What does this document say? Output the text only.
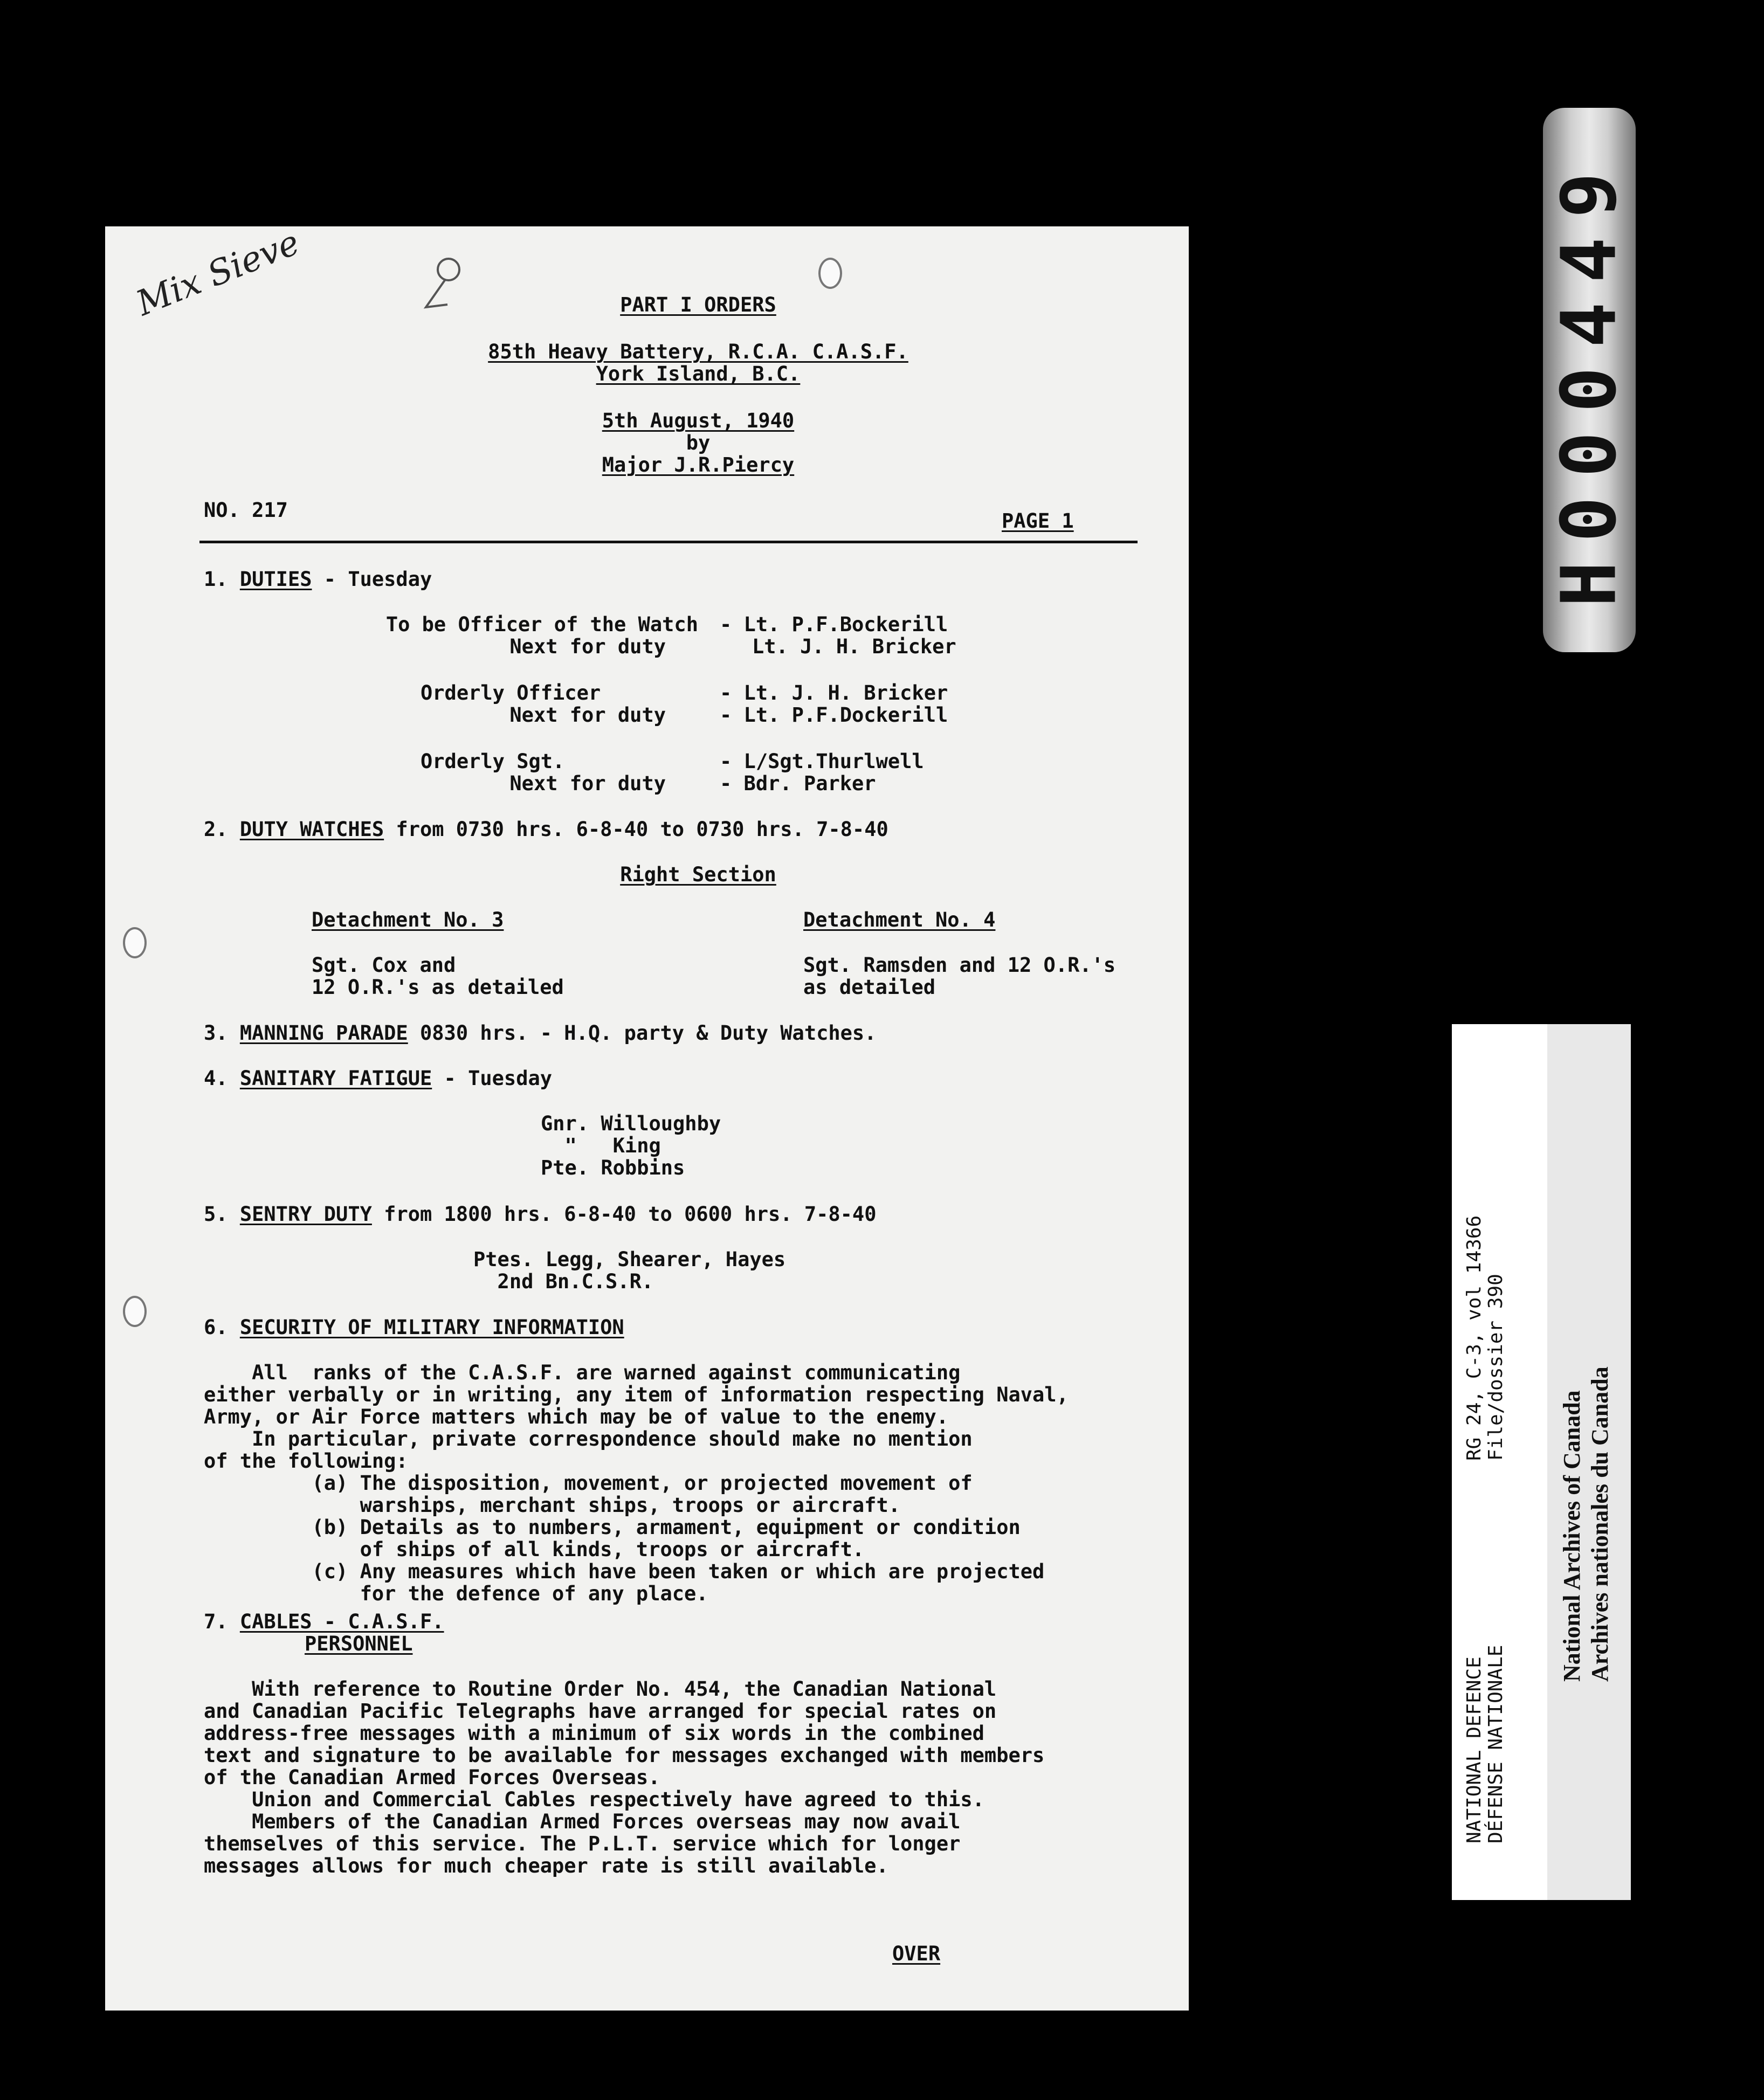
Mix Sieve	PART I ORDERS
85th Heavy Battery, R.C.A. C.A.S.F.
York Island, B.C.
5th August, 1940
by
Major J.R.Piercy
NO. 217	PAGE 1
1. DUTIES - Tuesday
To be Officer of the Watch - Lt. P.F.Bockerill
Next for duty	Lt. J. H. Bricker
Orderly Officer	- Lt. J. H. Bricker
Next for duty	- Lt. P.F.Dockerill
Orderly Sgt.	- L/Sgt.Thurlwell
Next for duty	- Bdr. Parker
2. DUTY WATCHES from 0730 hrs. 6-8-40 to 0730 hrs. 7-8-40
Right Section
Detachment No. 3
Sgt. Cox and
12 O.R.'s as detailed
Detachment No. 4
Sgt. Ramsden and 12 O.R.'s
as detailed
3. MANNING PARADE 0830 hrs. - H.Q. party & Duty Watches.
4. SANITARY FATIGUE - Tuesday
Gnr. Willoughby
"   King
Pte. Robbins
5. SENTRY DUTY from 1800 hrs. 6-8-40 to 0600 hrs. 7-8-40
Ptes. Legg, Shearer, Hayes
2nd Bn.C.S.R.
6. SECURITY OF MILITARY INFORMATION
All  ranks of the C.A.S.F. are warned against communicating
either verbally or in writing, any item of information respecting Naval,
Army, or Air Force matters which may be of value to the enemy.
In particular, private correspondence should make no mention
of the following:
(a) The disposition, movement, or projected movement of
warships, merchant ships, troops or aircraft.
(b) Details as to numbers, armament, equipment or condition
of ships of all kinds, troops or aircraft.
(c) Any measures which have been taken or which are projected
for the defence of any place.
7. CABLES - C.A.S.F.
PERSONNEL
With reference to Routine Order No. 454, the Canadian National
and Canadian Pacific Telegraphs have arranged for special rates on
address-free messages with a minimum of six words in the combined
text and signature to be available for messages exchanged with members
of the Canadian Armed Forces Overseas.
Union and Commercial Cables respectively have agreed to this.
Members of the Canadian Armed Forces overseas may now avail
themselves of this service. The P.L.T. service which for longer
messages allows for much cheaper rate is still available.
OVER
H000449
RG 24, C-3, vol 14366
File/dossier 390
NATIONAL DEFENCE
DÉFENSE NATIONALE
National Archives of Canada
Archives nationales du Canada
